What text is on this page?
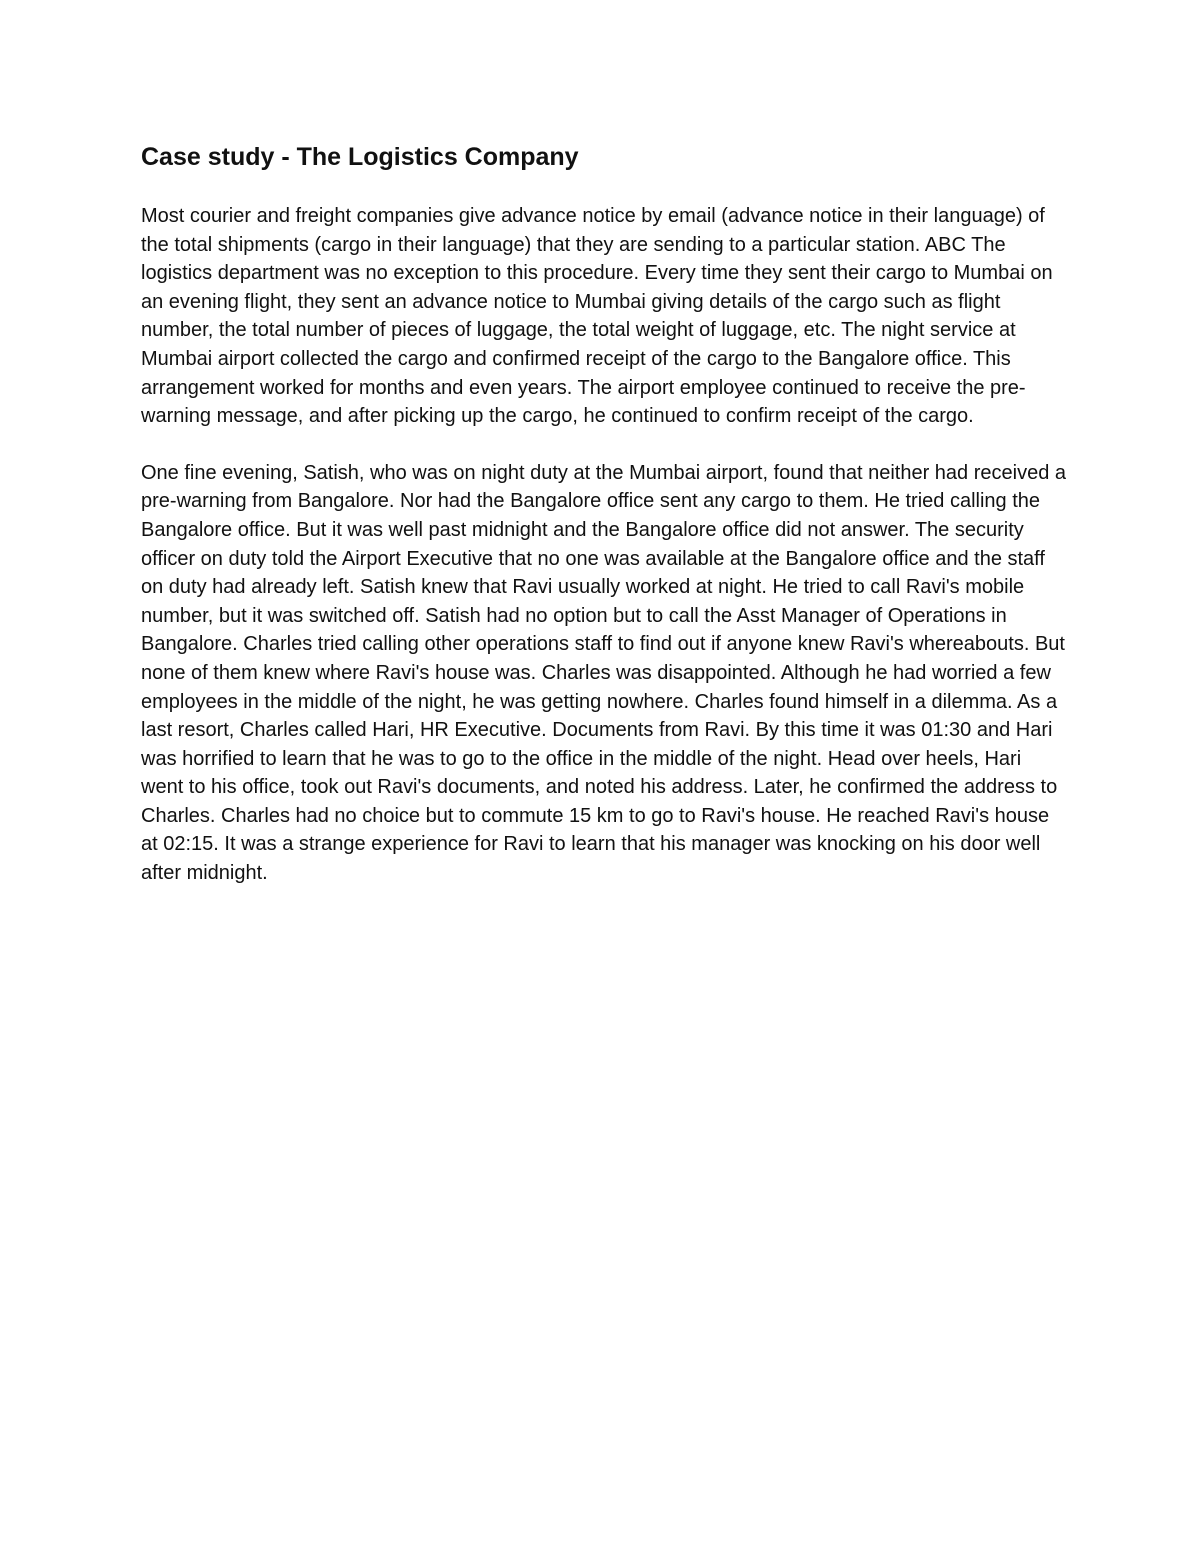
Case study - The Logistics Company

Most courier and freight companies give advance notice by email (advance notice in their language) of the total shipments (cargo in their language) that they are sending to a particular station. ABC The logistics department was no exception to this procedure. Every time they sent their cargo to Mumbai on an evening flight, they sent an advance notice to Mumbai giving details of the cargo such as flight number, the total number of pieces of luggage, the total weight of luggage, etc. The night service at Mumbai airport collected the cargo and confirmed receipt of the cargo to the Bangalore office. This arrangement worked for months and even years. The airport employee continued to receive the pre-warning message, and after picking up the cargo, he continued to confirm receipt of the cargo.

One fine evening, Satish, who was on night duty at the Mumbai airport, found that neither had received a pre-warning from Bangalore. Nor had the Bangalore office sent any cargo to them. He tried calling the Bangalore office. But it was well past midnight and the Bangalore office did not answer. The security officer on duty told the Airport Executive that no one was available at the Bangalore office and the staff on duty had already left. Satish knew that Ravi usually worked at night. He tried to call Ravi's mobile number, but it was switched off. Satish had no option but to call the Asst Manager of Operations in Bangalore. Charles tried calling other operations staff to find out if anyone knew Ravi's whereabouts. But none of them knew where Ravi's house was. Charles was disappointed. Although he had worried a few employees in the middle of the night, he was getting nowhere. Charles found himself in a dilemma. As a last resort, Charles called Hari, HR Executive. Documents from Ravi. By this time it was 01:30 and Hari was horrified to learn that he was to go to the office in the middle of the night. Head over heels, Hari went to his office, took out Ravi's documents, and noted his address. Later, he confirmed the address to Charles. Charles had no choice but to commute 15 km to go to Ravi's house. He reached Ravi's house at 02:15. It was a strange experience for Ravi to learn that his manager was knocking on his door well after midnight.
